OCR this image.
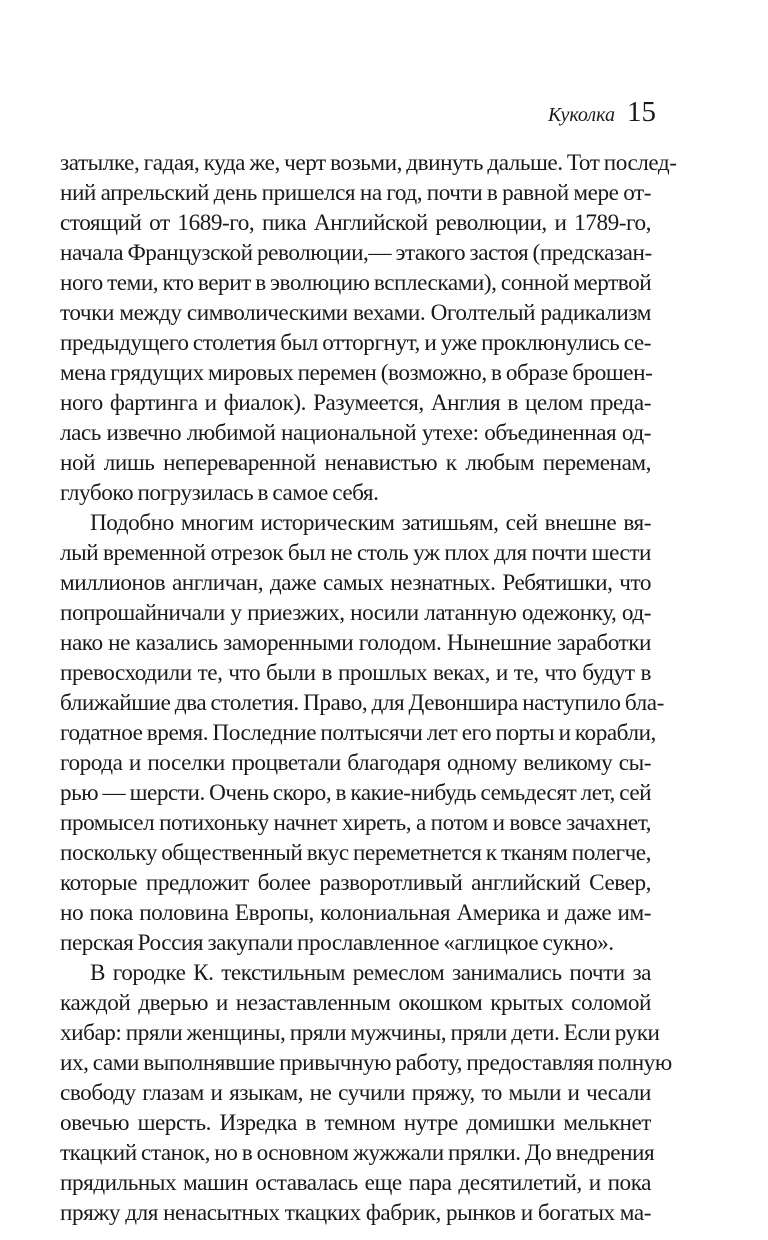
Куколка 15
затылке, гадая, куда же, черт возьми, двинуть дальше. Тот послед-
ний апрельский день пришелся на год, почти в равной мере от-
стоящий от 1689-го, пика Английской революции, и 1789-го,
начала Французской революции,— этакого застоя (предсказан-
ного теми, кто верит в эволюцию всплесками), сонной мертвой
точки между символическими вехами. Оголтелый радикализм
предыдущего столетия был отторгнут, и уже проклюнулись се-
мена грядущих мировых перемен (возможно, в образе брошен-
ного фартинга и фиалок). Разумеется, Англия в целом преда-
лась извечно любимой национальной утехе: объединенная од-
ной лишь непереваренной ненавистью к любым переменам,
глубоко погрузилась в самое себя.
Подобно многим историческим затишьям, сей внешне вя-
лый временной отрезок был не столь уж плох для почти шести
миллионов англичан, даже самых незнатных. Ребятишки, что
попрошайничали у приезжих, носили латанную одежонку, од-
нако не казались заморенными голодом. Нынешние заработки
превосходили те, что были в прошлых веках, и те, что будут в
ближайшие два столетия. Право, для Девоншира наступило бла-
годатное время. Последние полтысячи лет его порты и корабли,
города и поселки процветали благодаря одному великому сы-
рью — шерсти. Очень скоро, в какие-нибудь семьдесят лет, сей
промысел потихоньку начнет хиреть, а потом и вовсе зачахнет,
поскольку общественный вкус переметнется к тканям полегче,
которые предложит более разворотливый английский Север,
но пока половина Европы, колониальная Америка и даже им-
перская Россия закупали прославленное «аглицкое сукно».
В городке К. текстильным ремеслом занимались почти за
каждой дверью и незаставленным окошком крытых соломой
хибар: пряли женщины, пряли мужчины, пряли дети. Если руки
их, сами выполнявшие привычную работу, предоставляя полную
свободу глазам и языкам, не сучили пряжу, то мыли и чесали
овечью шерсть. Изредка в темном нутре домишки мелькнет
ткацкий станок, но в основном жужжали прялки. До внедрения
прядильных машин оставалась еще пара десятилетий, и пока
пряжу для ненасытных ткацких фабрик, рынков и богатых ма-
